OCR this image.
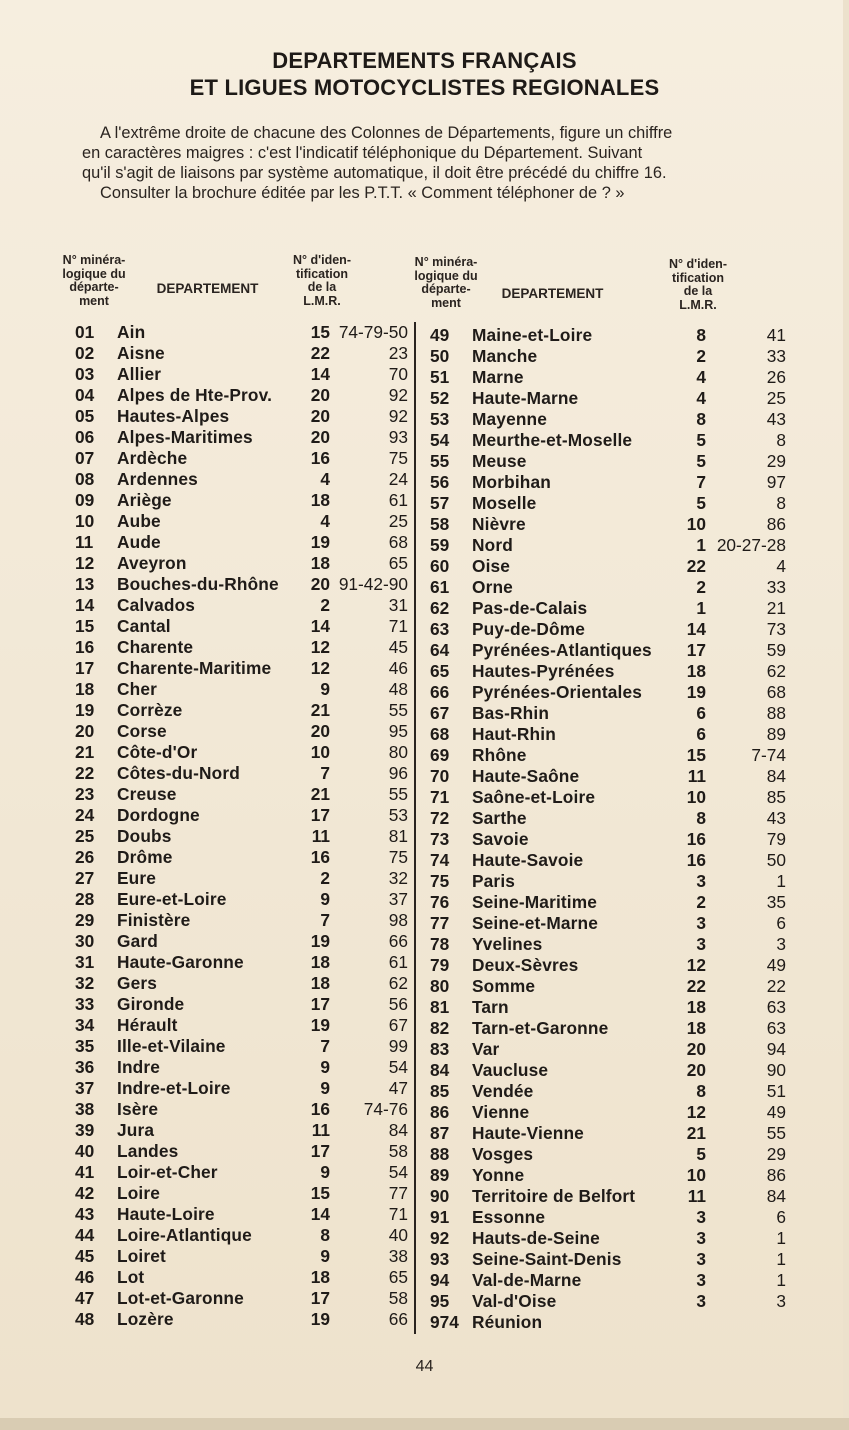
DEPARTEMENTS FRANÇAIS
ET LIGUES MOTOCYCLISTES REGIONALES

A l'extrême droite de chacune des Colonnes de Départements, figure un chiffre

en caractères maigres : c'est l'indicatif téléphonique du Département. Suivant

qu'il s'agit de liaisons par système automatique, il doit être précédé du chiffre 16.

Consulter la brochure éditée par les P.T.T. « Comment téléphoner de ? »

N° minéra-
logique du
départe-
ment
DEPARTEMENT
N° d'iden-
tification
de la
L.M.R.
N° minéra-
logique du
départe-
ment
DEPARTEMENT
N° d'iden-
tification
de la
L.M.R.
01 Ain	15 74-79-50
02 Aisne	22	23
03 Allier	14	70
04 Alpes de Hte-Prov. 20	92
05 Hautes-Alpes	20	92
06 Alpes-Maritimes	20	93
07 Ardèche	16	75
08 Ardennes	4	24
09 Ariège	18	61
10 Aube	4	25
11 Aude	19	68
12 Aveyron	18	65
13 Bouches-du-Rhône 20 91-42-90
14 Calvados	2	31
15 Cantal	14	71
16 Charente	12	45
17 Charente-Maritime 12	46
18 Cher	9	48
19 Corrèze	21	55
20 Corse	20	95
21 Côte-d'Or	10	80
22 Côtes-du-Nord	7	96
23 Creuse	21	55
24 Dordogne	17	53
25 Doubs	11	81
26 Drôme	16	75
27 Eure	2	32
28 Eure-et-Loire	9	37
29 Finistère	7	98
30 Gard	19	66
31 Haute-Garonne	18	61
32 Gers	18	62
33 Gironde	17	56
34 Hérault	19	67
35 Ille-et-Vilaine	7	99
36 Indre	9	54
37 Indre-et-Loire	9	47
38 Isère	16 74-76
39 Jura	11	84
40 Landes	17	58
41 Loir-et-Cher	9	54
42 Loire	15	77
43 Haute-Loire	14	71
44 Loire-Atlantique	8	40
45 Loiret	9	38
46 Lot	18	65
47 Lot-et-Garonne	17	58
48 Lozère	19	66
49 Maine-et-Loire	8	41
50 Manche	2	33
51 Marne	4	26
52 Haute-Marne	4	25
53 Mayenne	8	43
54 Meurthe-et-Moselle	5	8
55 Meuse	5	29
56 Morbihan	7	97
57 Moselle	5	8
58 Nièvre	10	86
59 Nord	1 20-27-28
60 Oise	22	4
61 Orne	2	33
62 Pas-de-Calais	1	21
63 Puy-de-Dôme	14	73
64 Pyrénées-Atlantiques 17	59
65 Hautes-Pyrénées	18	62
66 Pyrénées-Orientales	19	68
67 Bas-Rhin	6	88
68 Haut-Rhin	6	89
69 Rhône	15	7-74
70 Haute-Saône	11	84
71 Saône-et-Loire	10	85
72 Sarthe	8	43
73 Savoie	16	79
74 Haute-Savoie	16	50
75 Paris	3	1
76 Seine-Maritime	2	35
77 Seine-et-Marne	3	6
78 Yvelines	3	3
79 Deux-Sèvres	12	49
80 Somme	22	22
81 Tarn	18	63
82 Tarn-et-Garonne	18	63
83 Var	20	94
84 Vaucluse	20	90
85 Vendée	8	51
86 Vienne	12	49
87 Haute-Vienne	21	55
88 Vosges	5	29
89 Yonne	10	86
90 Territoire de Belfort	11	84
91 Essonne	3	6
92 Hauts-de-Seine	3	1
93 Seine-Saint-Denis	3	1
94 Val-de-Marne	3	1
95 Val-d'Oise	3	3
974 Réunion
44
